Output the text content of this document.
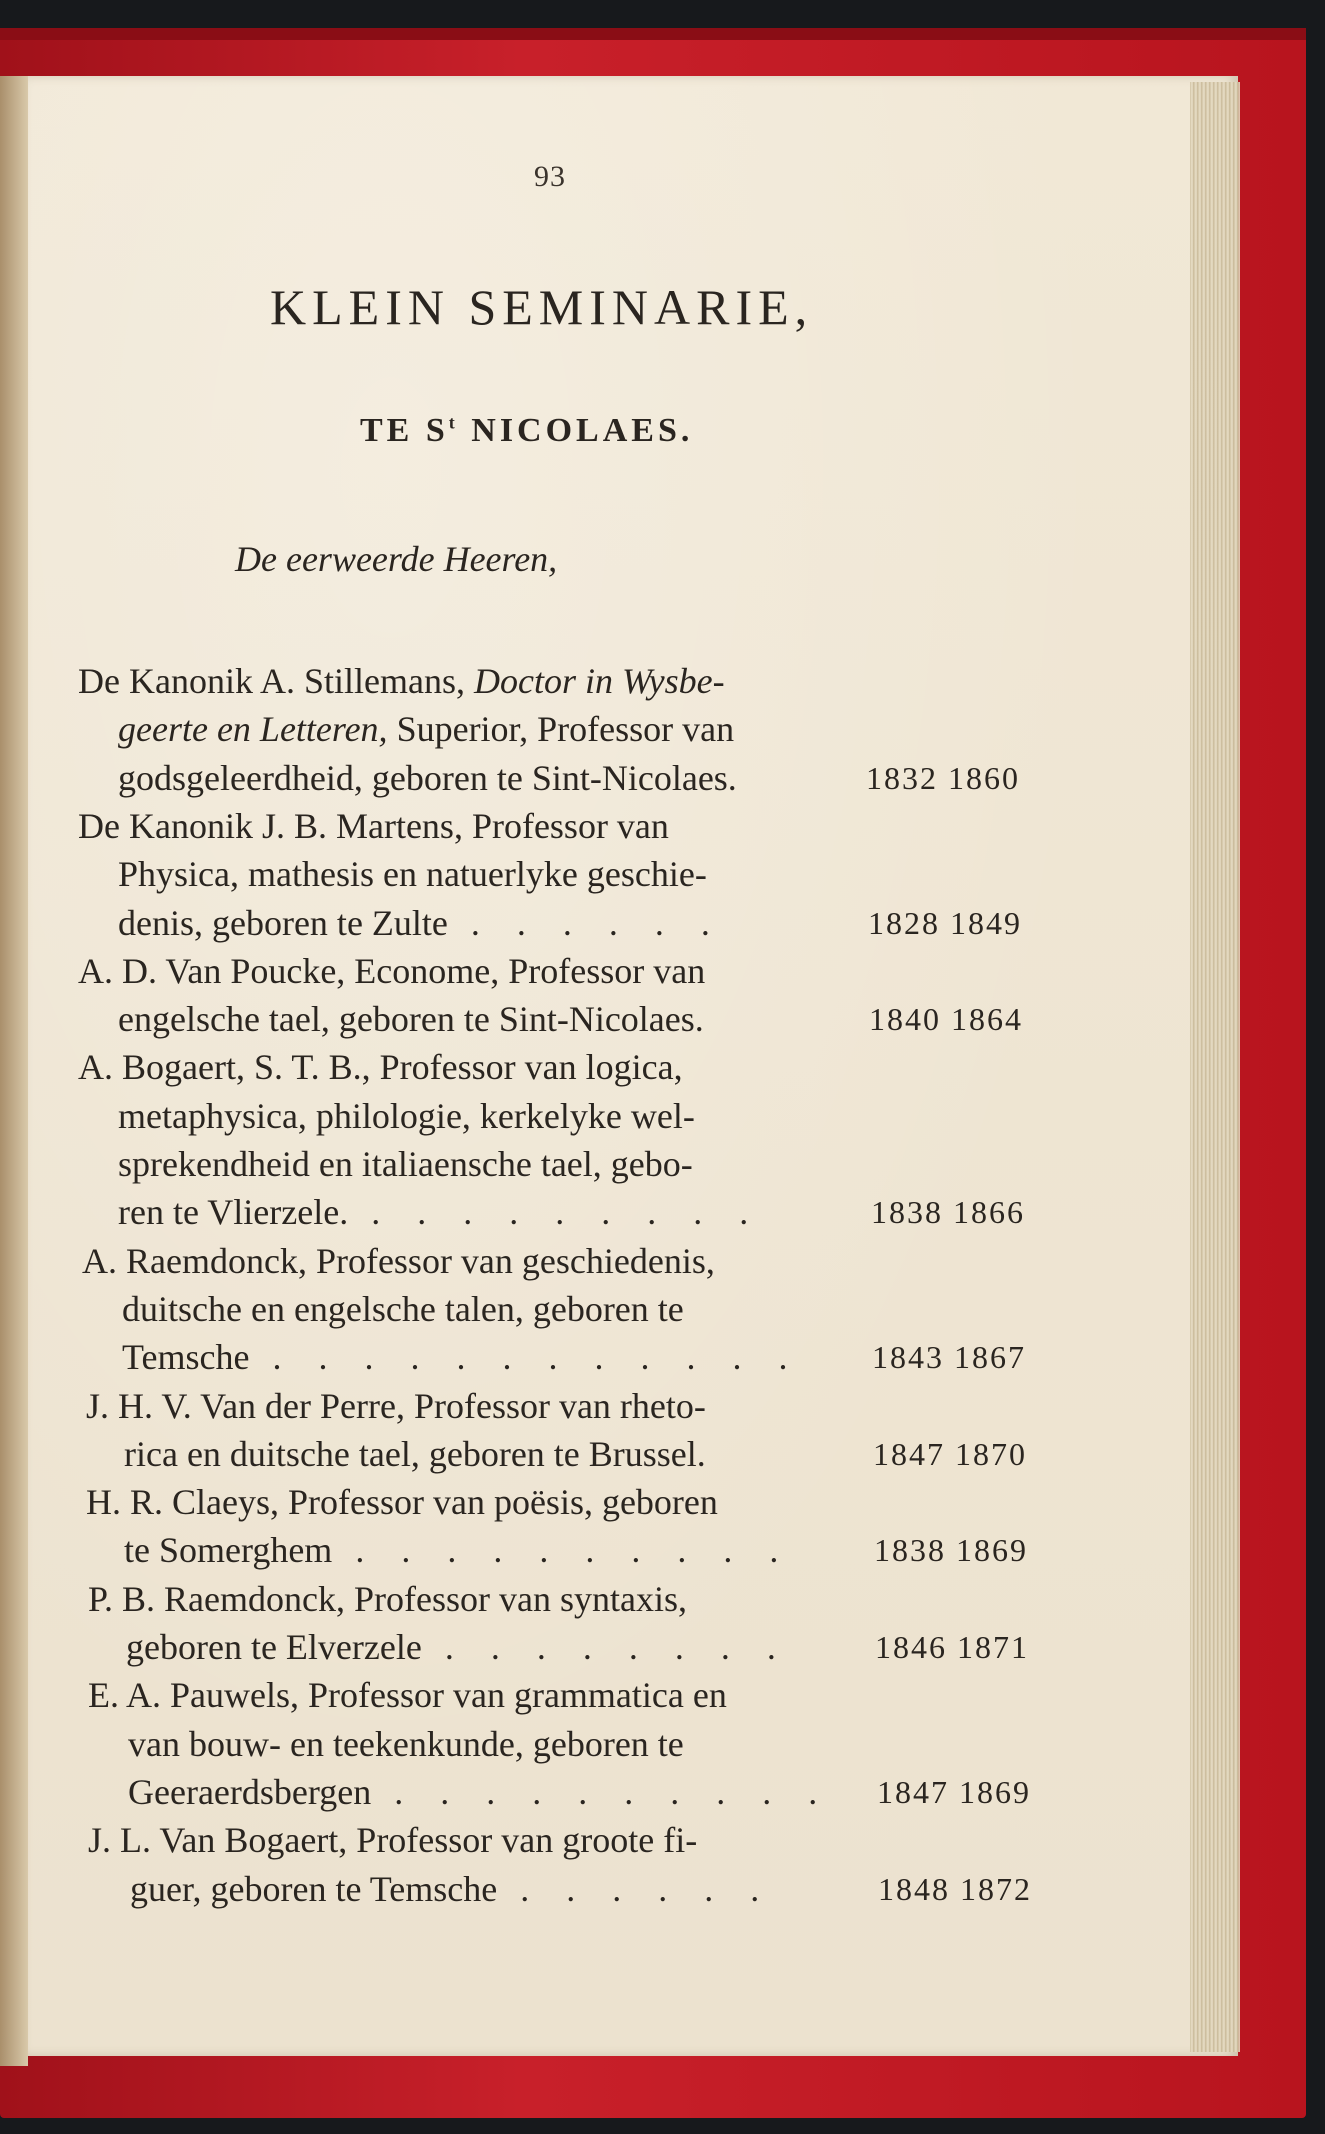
93
KLEIN SEMINARIE,
TE $S^t$ NICOLAES.
De eerweerde Heeren,
De Kanonik A. Stillemans, Doctor in Wysbe-
geerte en Letteren, Superior, Professor van
godsgeleerdheid, geboren te Sint-Nicolaes.	1832 1860
De Kanonik J. B. Martens, Professor van
Physica, mathesis en natuerlyke geschie-
denis, geboren te Zulte . . . . . .	1828 1849
A. D. Van Poucke, Econome, Professor van
engelsche tael, geboren te Sint-Nicolaes.	1840 1864
A. Bogaert, S. T. B., Professor van logica,
metaphysica, philologie, kerkelyke wel-
sprekendheid en italiaensche tael, gebo-
ren te Vlierzele. . . . . . . . . .	1838 1866
A. Raemdonck, Professor van geschiedenis,
duitsche en engelsche talen, geboren te
Temsche . . . . . . . . . . . . 1843 1867
J. H. V. Van der Perre, Professor van rheto-
rica en duitsche tael, geboren te Brussel.	1847 1870
H. R. Claeys, Professor van poësis, geboren
te Somerghem . . . . . . . . . .	1838 1869
P. B. Raemdonck, Professor van syntaxis,
geboren te Elverzele . . . . . . . .	1846 1871
E. A. Pauwels, Professor van grammatica en
van bouw- en teekenkunde, geboren te
Geeraerdsbergen . . . . . . . . . . 1847 1869
J. L. Van Bogaert, Professor van groote fi-
guer, geboren te Temsche . . . . . .	1848 1872
